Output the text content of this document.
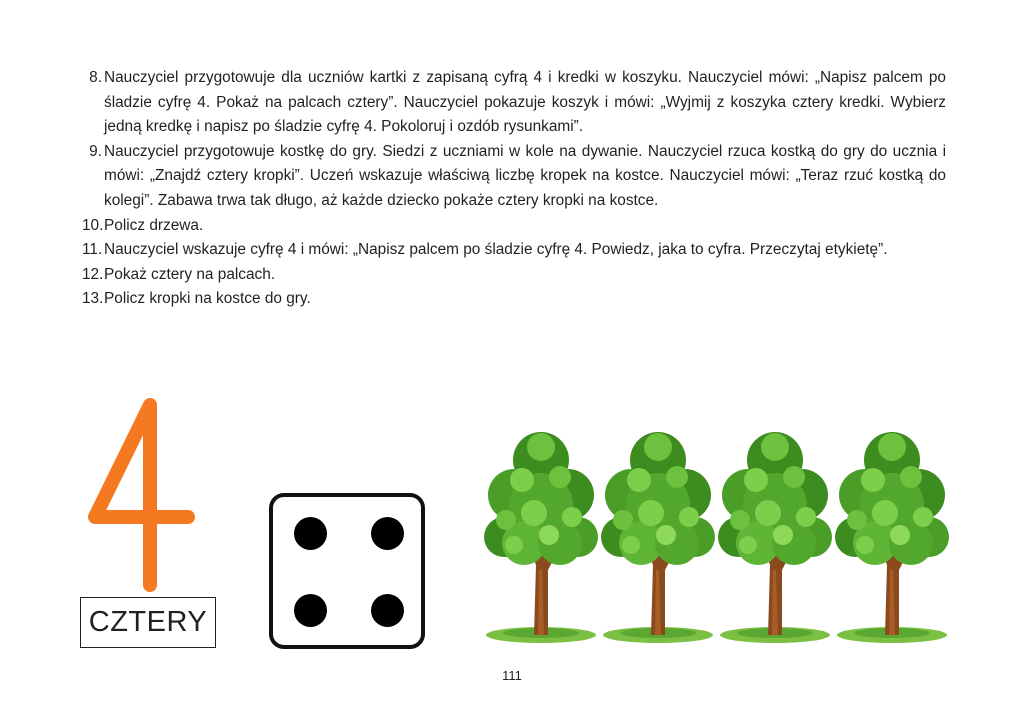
8. Nauczyciel przygotowuje dla uczniów kartki z zapisaną cyfrą 4 i kredki w koszyku. Nauczyciel mówi: „Napisz palcem po śladzie cyfrę 4. Pokaż na palcach cztery”. Nauczyciel pokazuje koszyk i mówi: „Wyjmij z koszyka cztery kredki. Wybierz jedną kredkę i napisz po śladzie cyfrę 4. Pokoloruj i ozdób rysunkami”.
9. Nauczyciel przygotowuje kostkę do gry. Siedzi z uczniami w kole na dywanie. Nauczyciel rzuca kostką do gry do ucznia i mówi: „Znajdź cztery kropki”. Uczeń wskazuje właściwą liczbę kropek na kostce. Nauczyciel mówi: „Teraz rzuć kostką do kolegi”. Zabawa trwa tak długo, aż każde dziecko pokaże cztery kropki na kostce.
10. Policz drzewa.
11. Nauczyciel wskazuje cyfrę 4 i mówi: „Napisz palcem po śladzie cyfrę 4. Powiedz, jaka to cyfra. Przeczytaj etykietę”.
12. Pokaż cztery na palcach.
13. Policz kropki na kostce do gry.
CZTERY
111
